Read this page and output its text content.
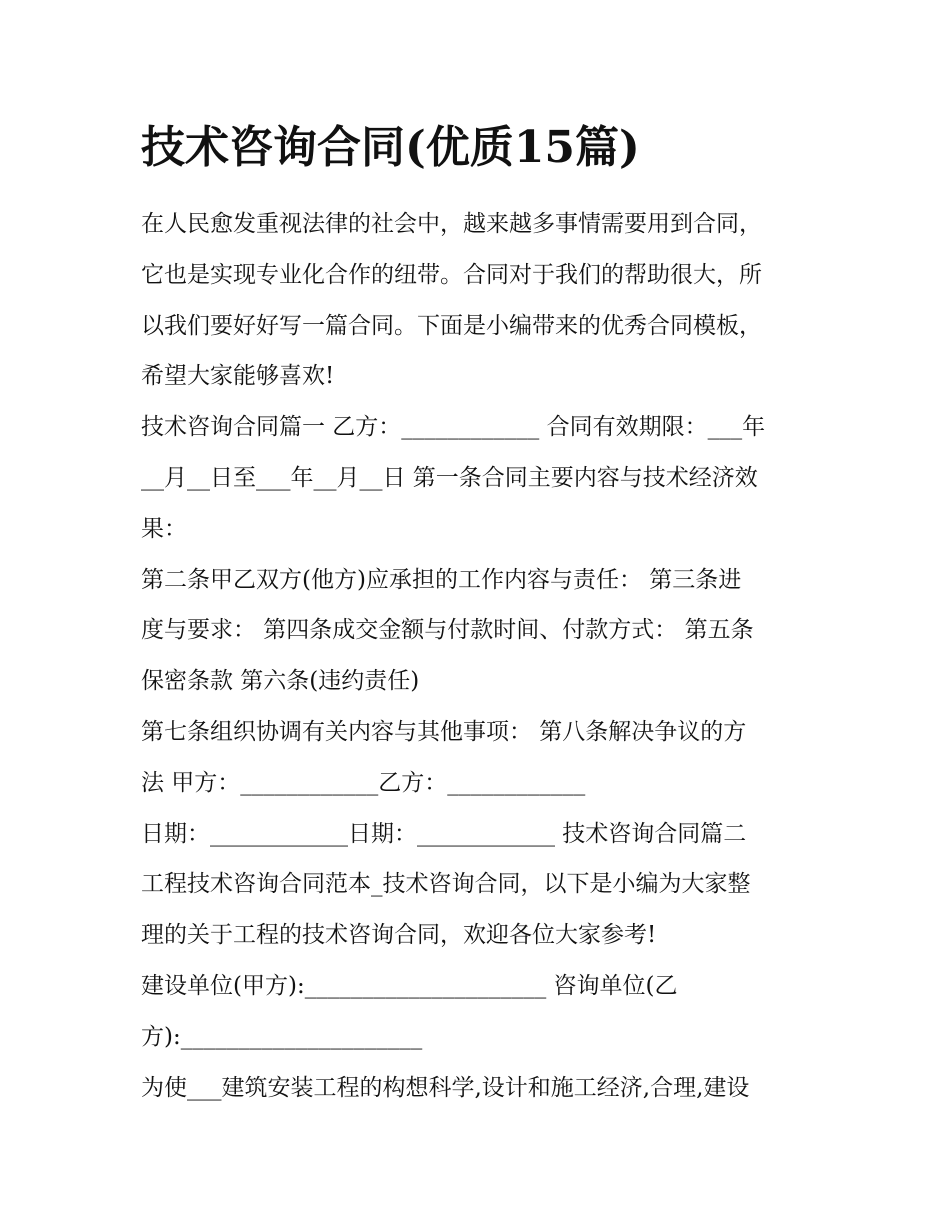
技术咨询合同(优质15篇)
在人民愈发重视法律的社会中，越来越多事情需要用到合同，
它也是实现专业化合作的纽带。合同对于我们的帮助很大，所
以我们要好好写一篇合同。下面是小编带来的优秀合同模板，
希望大家能够喜欢!
技术咨询合同篇一 乙方：____________ 合同有效期限：___年
__月__日至___年__月__日 第一条合同主要内容与技术经济效
果：
第二条甲乙双方(他方)应承担的工作内容与责任： 第三条进
度与要求： 第四条成交金额与付款时间、付款方式： 第五条
保密条款 第六条(违约责任)
第七条组织协调有关内容与其他事项： 第八条解决争议的方
法 甲方：____________乙方：____________
日期：____________日期：____________ 技术咨询合同篇二
工程技术咨询合同范本_技术咨询合同，以下是小编为大家整
理的关于工程的技术咨询合同，欢迎各位大家参考!
建设单位(甲方):_____________________ 咨询单位(乙
方):_____________________
为使___建筑安装工程的构想科学,设计和施工经济,合理,建设
